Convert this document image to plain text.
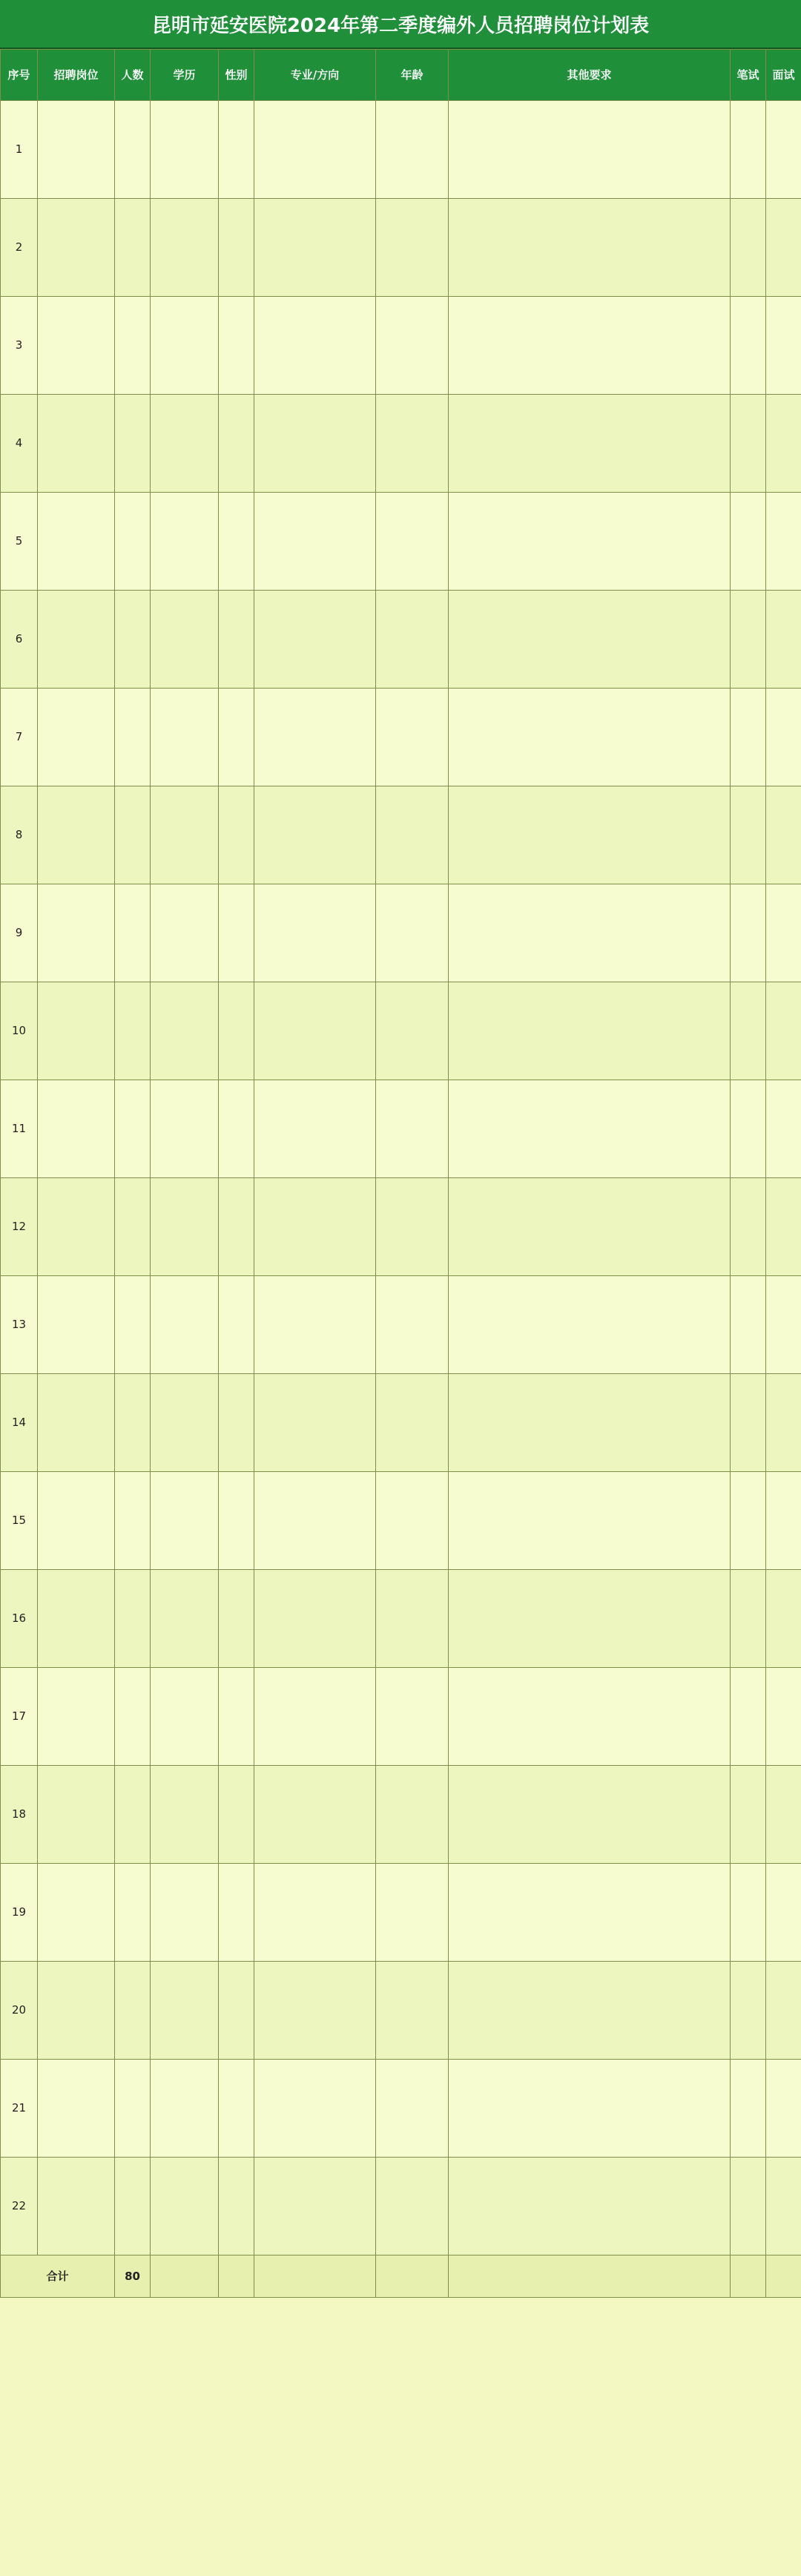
昆明市延安医院2024年第二季度编外人员招聘岗位计划表
序号	招聘岗位	人数	学历	性别	专业/方向	年龄	其他要求	笔试	面试
1									
2									
3									
4									
5									
6									
7									
8									
9									
10									
11									
12									
13									
14									
15									
16									
17									
18									
19									
20									
21									
22									
合计		80							
